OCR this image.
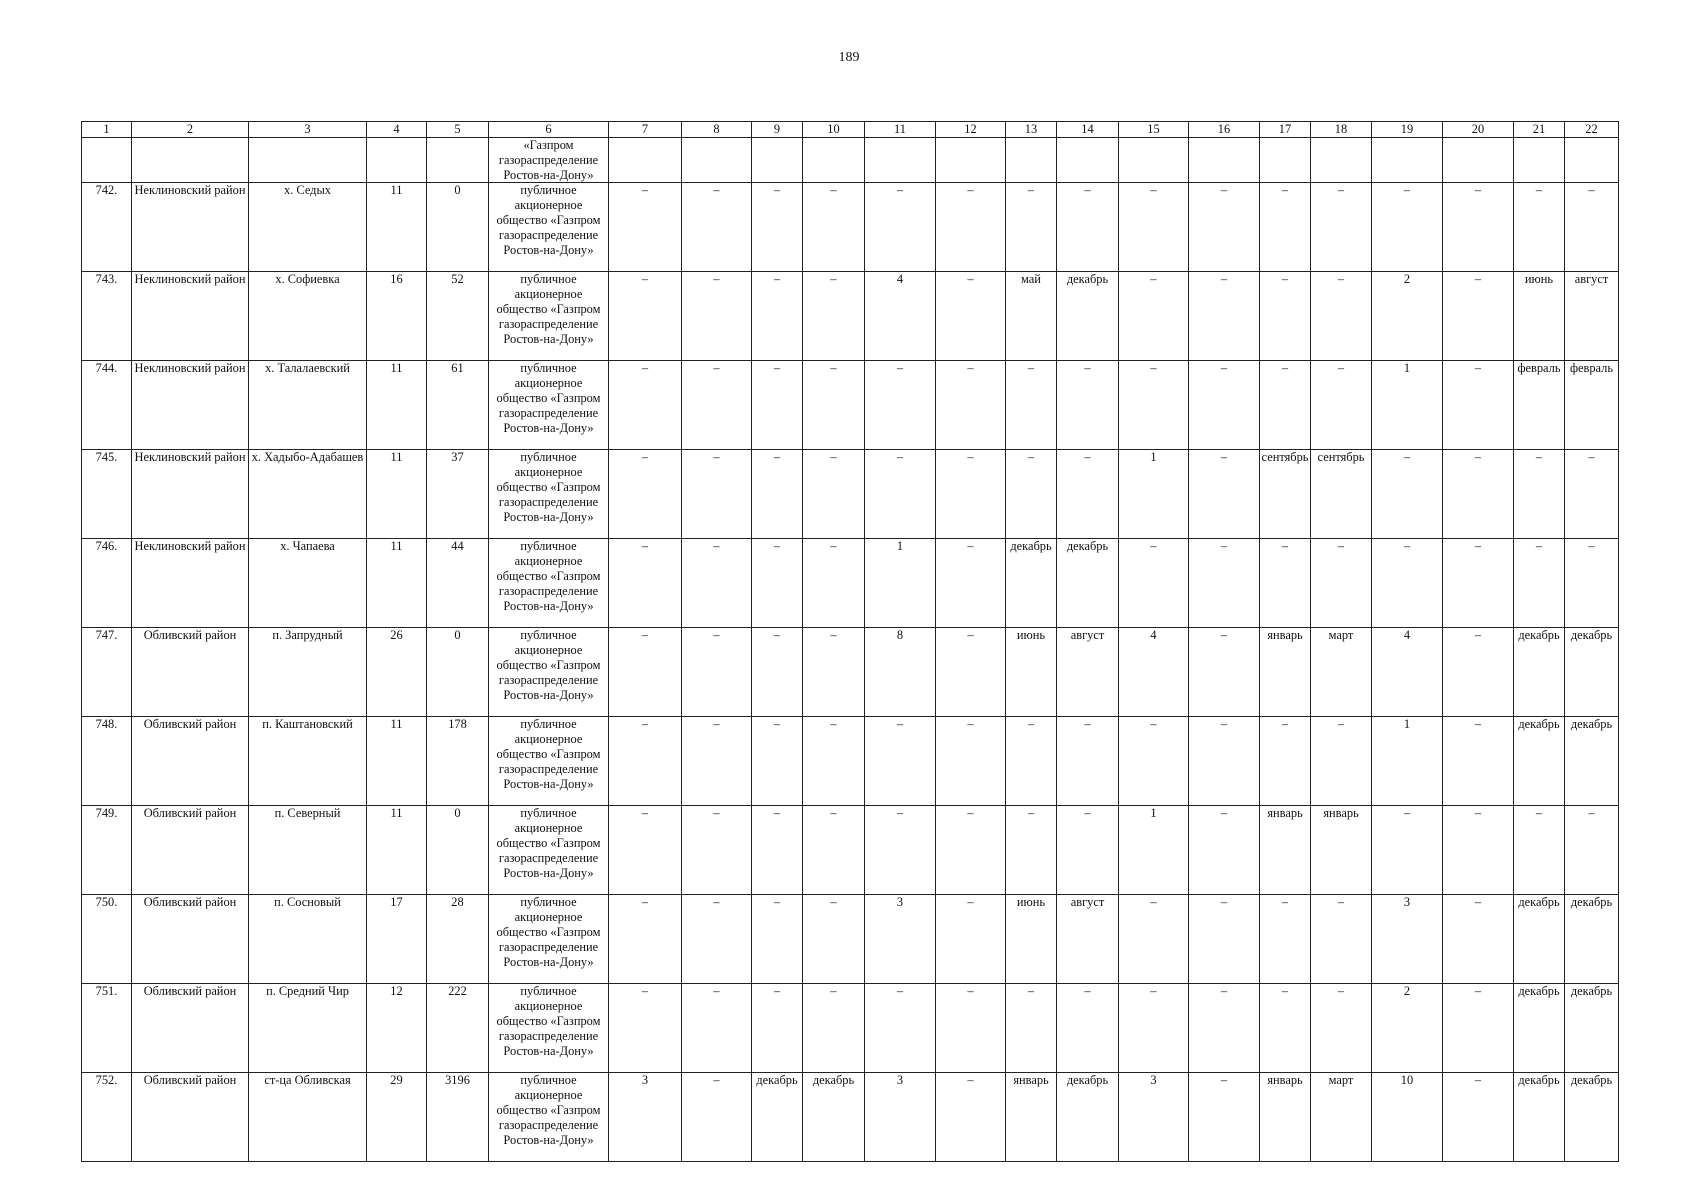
189
1	2	3	4	5	6	7	8	9	10	11	12	13	14	15	16	17	18	19	20	21	22
					«Газпром газораспределение Ростов-на-Дону»																
742.	Неклиновский район	х. Седых	11	0	публичное акционерное общество «Газпром газораспределение Ростов-на-Дону»	–	–	–	–	–	–	–	–	–	–	–	–	–	–	–	–
743.	Неклиновский район	х. Софиевка	16	52	публичное акционерное общество «Газпром газораспределение Ростов-на-Дону»	–	–	–	–	4	–	май	декабрь	–	–	–	–	2	–	июнь	август
744.	Неклиновский район	х. Талалаевский	11	61	публичное акционерное общество «Газпром газораспределение Ростов-на-Дону»	–	–	–	–	–	–	–	–	–	–	–	–	1	–	февраль	февраль
745.	Неклиновский район	х. Хадыбо-Адабашев	11	37	публичное акционерное общество «Газпром газораспределение Ростов-на-Дону»	–	–	–	–	–	–	–	–	1	–	сентябрь	сентябрь	–	–	–	–
746.	Неклиновский район	х. Чапаева	11	44	публичное акционерное общество «Газпром газораспределение Ростов-на-Дону»	–	–	–	–	1	–	декабрь	декабрь	–	–	–	–	–	–	–	–
747.	Обливский район	п. Запрудный	26	0	публичное акционерное общество «Газпром газораспределение Ростов-на-Дону»	–	–	–	–	8	–	июнь	август	4	–	январь	март	4	–	декабрь	декабрь
748.	Обливский район	п. Каштановский	11	178	публичное акционерное общество «Газпром газораспределение Ростов-на-Дону»	–	–	–	–	–	–	–	–	–	–	–	–	1	–	декабрь	декабрь
749.	Обливский район	п. Северный	11	0	публичное акционерное общество «Газпром газораспределение Ростов-на-Дону»	–	–	–	–	–	–	–	–	1	–	январь	январь	–	–	–	–
750.	Обливский район	п. Сосновый	17	28	публичное акционерное общество «Газпром газораспределение Ростов-на-Дону»	–	–	–	–	3	–	июнь	август	–	–	–	–	3	–	декабрь	декабрь
751.	Обливский район	п. Средний Чир	12	222	публичное акционерное общество «Газпром газораспределение Ростов-на-Дону»	–	–	–	–	–	–	–	–	–	–	–	–	2	–	декабрь	декабрь
752.	Обливский район	ст-ца Обливская	29	3196	публичное акционерное общество «Газпром газораспределение Ростов-на-Дону»	3	–	декабрь	декабрь	3	–	январь	декабрь	3	–	январь	март	10	–	декабрь	декабрь
